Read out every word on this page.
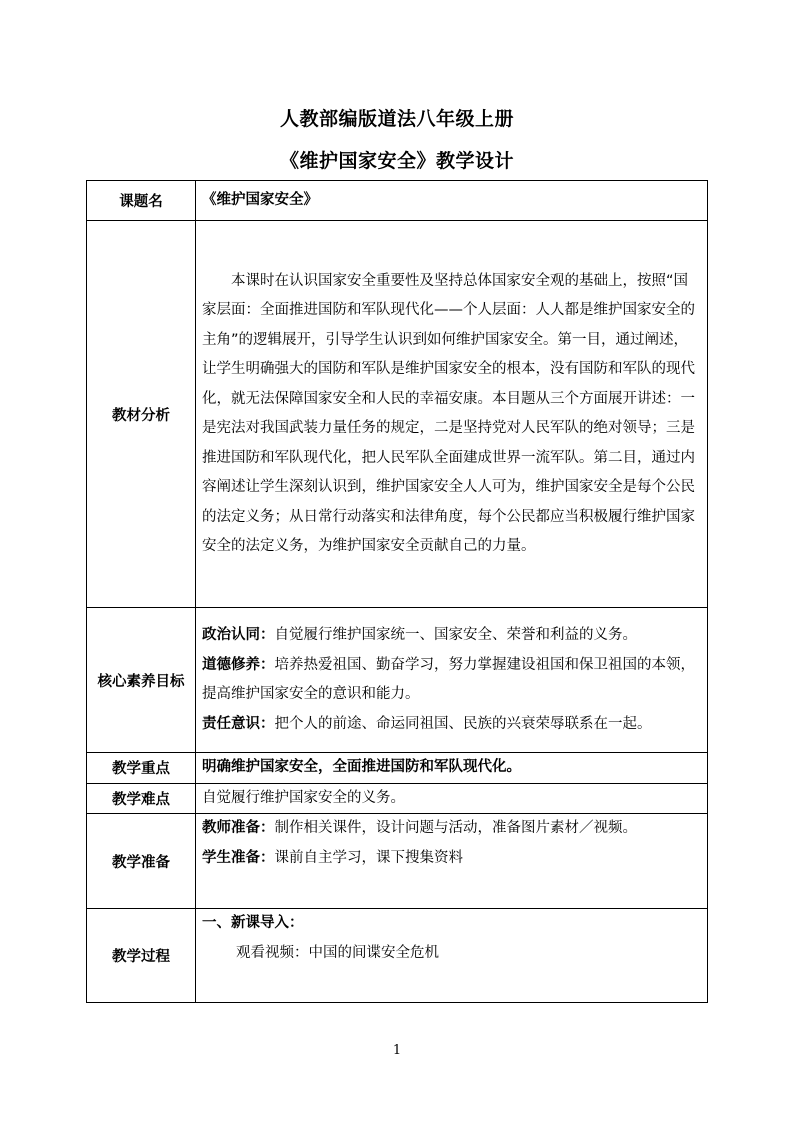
人教部编版道法八年级上册
《维护国家安全》教学设计
课题名	《维护国家安全》
教材分析	本课时在认识国家安全重要性及坚持总体国家安全观的基础上，按照“国家层面：全面推进国防和军队现代化——个人层面：人人都是维护国家安全的主角”的逻辑展开，引导学生认识到如何维护国家安全。第一目，通过阐述，让学生明确强大的国防和军队是维护国家安全的根本，没有国防和军队的现代化，就无法保障国家安全和人民的幸福安康。本目题从三个方面展开讲述：一是宪法对我国武装力量任务的规定，二是坚持党对人民军队的绝对领导；三是推进国防和军队现代化，把人民军队全面建成世界一流军队。第二目，通过内容阐述让学生深刻认识到，维护国家安全人人可为，维护国家安全是每个公民的法定义务；从日常行动落实和法律角度，每个公民都应当积极履行维护国家安全的法定义务，为维护国家安全贡献自己的力量。

核心素养目标	政治认同：自觉履行维护国家统一、国家安全、荣誉和利益的义务。
道德修养：培养热爱祖国、勤奋学习，努力掌握建设祖国和保卫祖国的本领，提高维护国家安全的意识和能力。
责任意识：把个人的前途、命运同祖国、民族的兴衰荣辱联系在一起。

教学重点	明确维护国家安全，全面推进国防和军队现代化。
教学难点	自觉履行维护国家安全的义务。
教学准备	教师准备：制作相关课件，设计问题与活动，准备图片素材／视频。
学生准备：课前自主学习，课下搜集资料

教学过程	一、新课导入：
观看视频：中国的间谍安全危机
1
